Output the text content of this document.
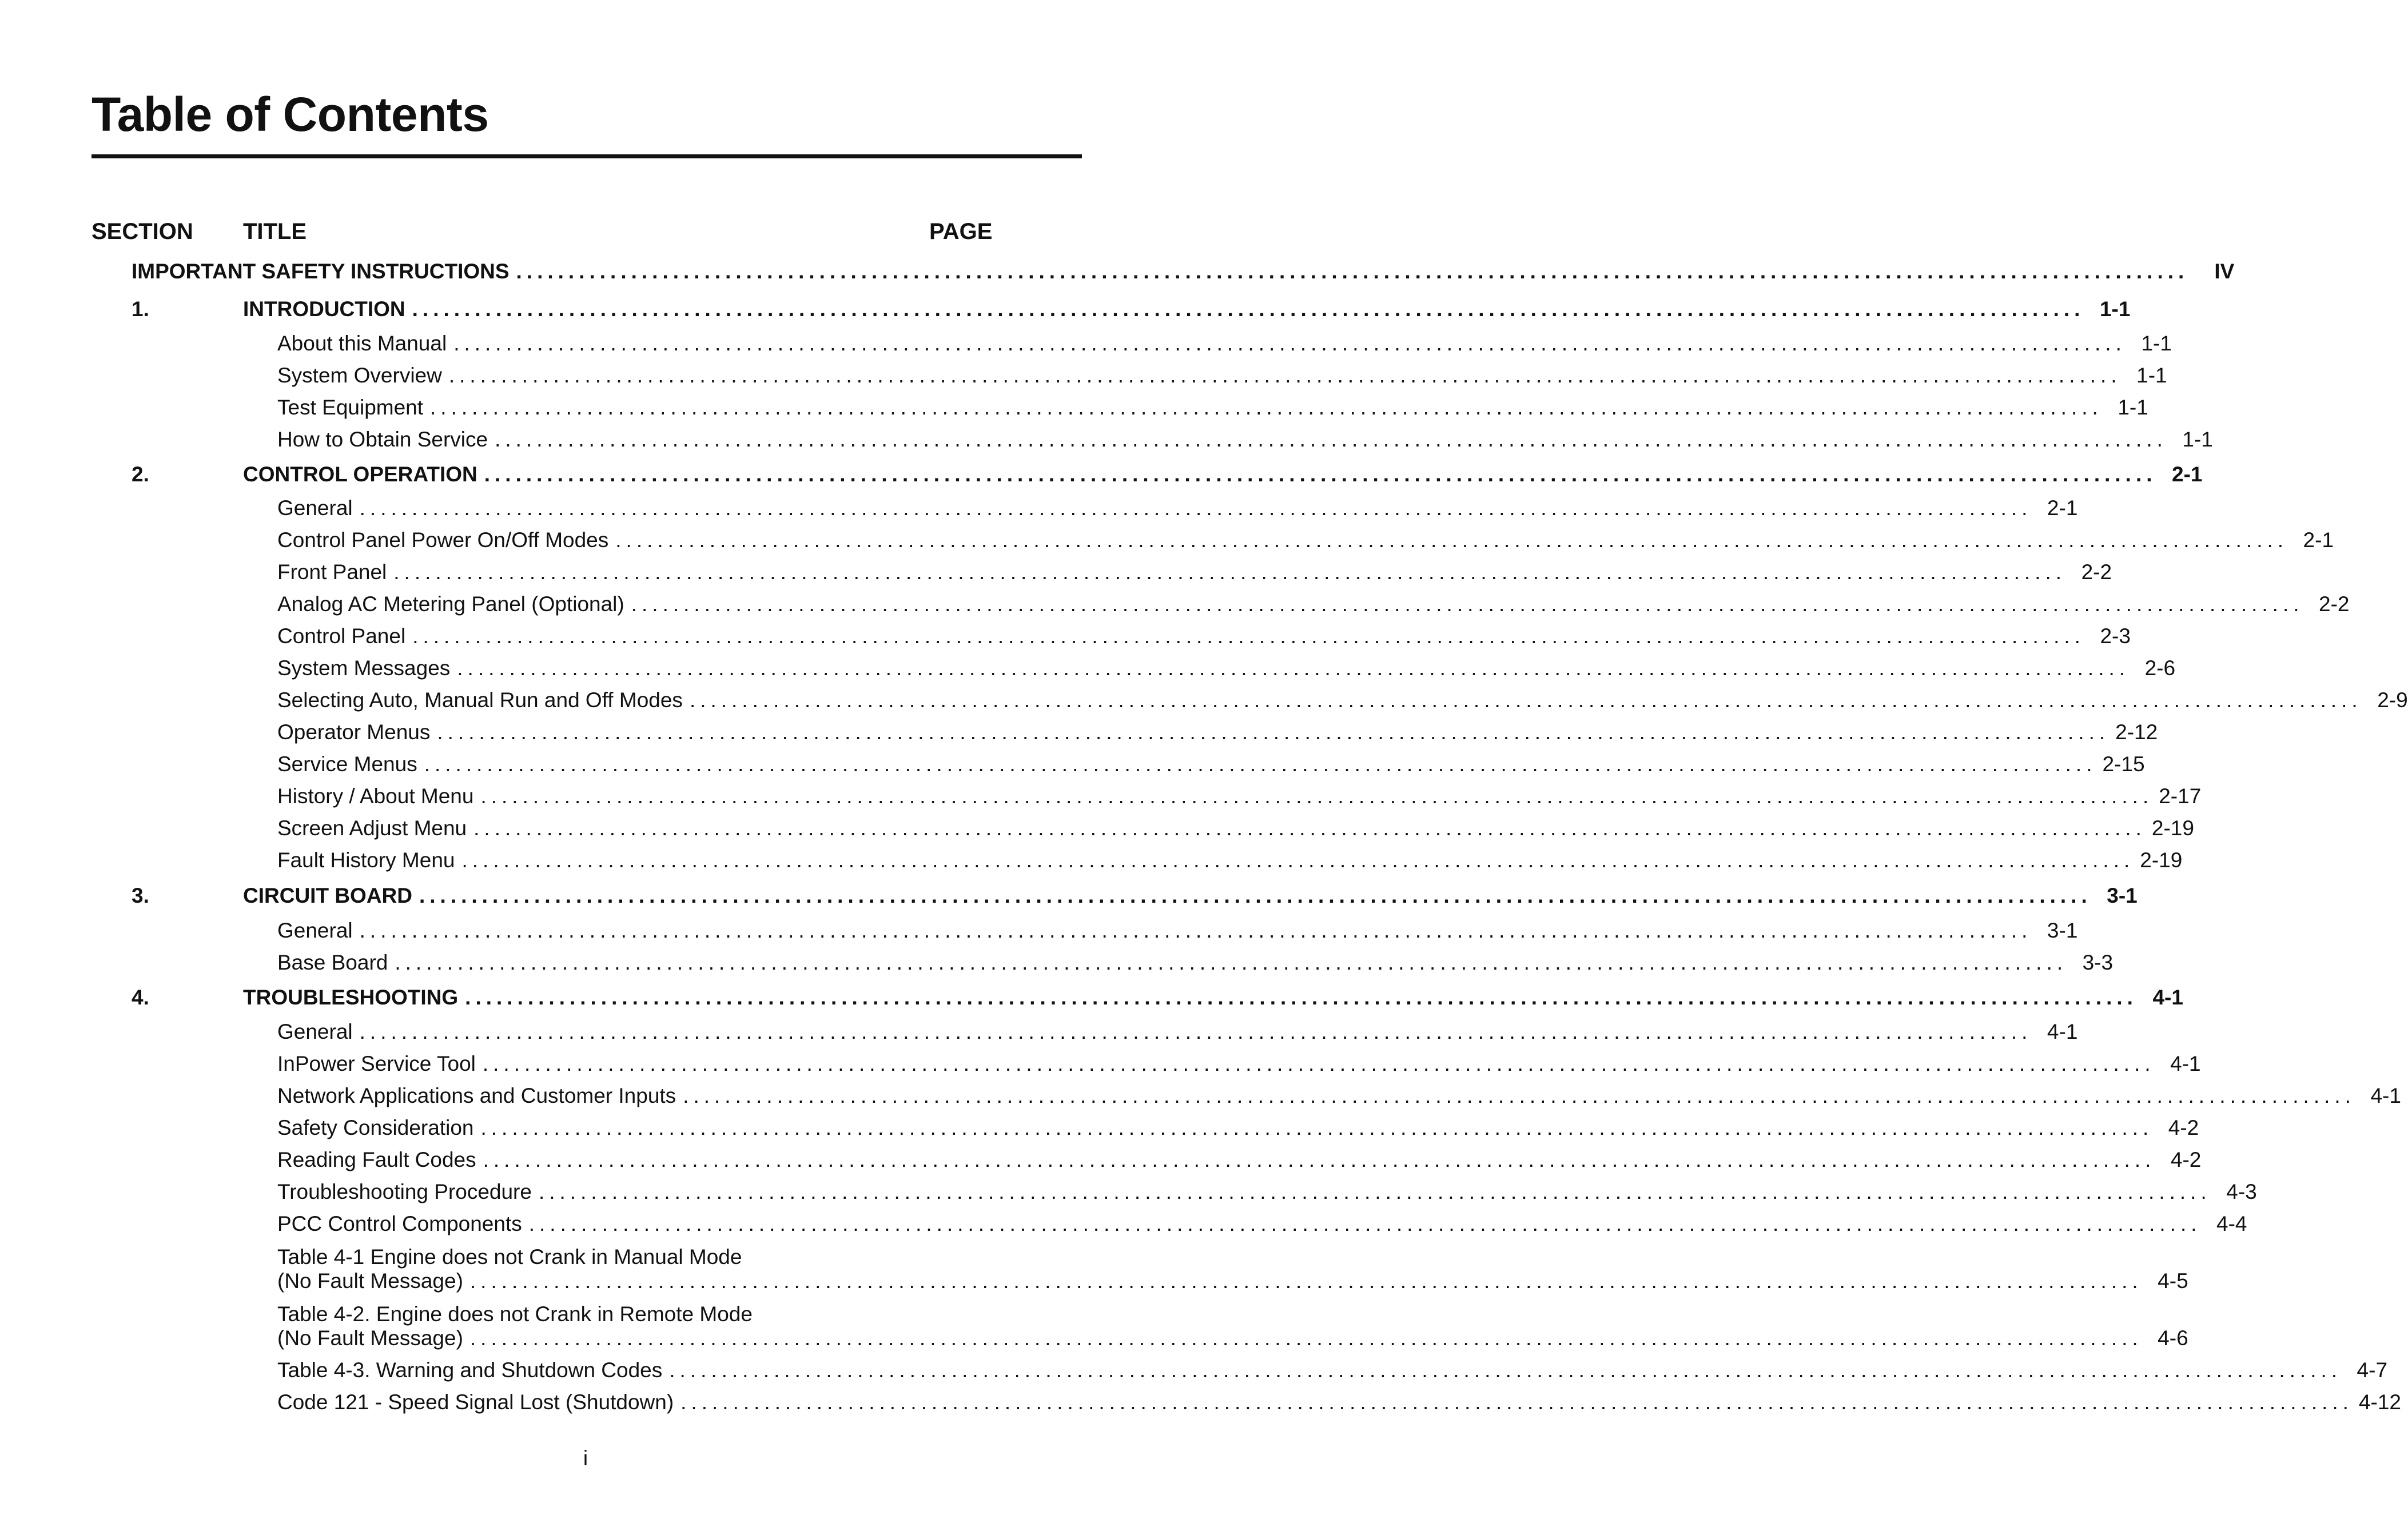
Table of Contents
SECTION TITLE	PAGE
IMPORTANT SAFETY INSTRUCTIONS ................................................................................................................................................................	IV
1.	INTRODUCTION ................................................................................................................................................................ 1-1
About this Manual ................................................................................................................................................................ 1-1
System Overview ................................................................................................................................................................ 1-1
Test Equipment ................................................................................................................................................................ 1-1
How to Obtain Service ................................................................................................................................................................ 1-1
2.	CONTROL OPERATION ................................................................................................................................................................ 2-1
General ................................................................................................................................................................ 2-1
Control Panel Power On/Off Modes ................................................................................................................................................................ 2-1
Front Panel ................................................................................................................................................................ 2-2
Analog AC Metering Panel (Optional) ................................................................................................................................................................ 2-2
Control Panel ................................................................................................................................................................ 2-3
System Messages ................................................................................................................................................................ 2-6
Selecting Auto, Manual Run and Off Modes ................................................................................................................................................................ 2-9
Operator Menus ................................................................................................................................................................ 2-12
Service Menus ................................................................................................................................................................ 2-15
History / About Menu ................................................................................................................................................................ 2-17
Screen Adjust Menu ................................................................................................................................................................ 2-19
Fault History Menu ................................................................................................................................................................ 2-19
3.	CIRCUIT BOARD ................................................................................................................................................................ 3-1
General ................................................................................................................................................................ 3-1
Base Board ................................................................................................................................................................ 3-3
4.	TROUBLESHOOTING ................................................................................................................................................................ 4-1
General ................................................................................................................................................................ 4-1
InPower Service Tool ................................................................................................................................................................ 4-1
Network Applications and Customer Inputs ................................................................................................................................................................ 4-1
Safety Consideration ................................................................................................................................................................ 4-2
Reading Fault Codes ................................................................................................................................................................ 4-2
Troubleshooting Procedure ................................................................................................................................................................ 4-3
PCC Control Components ................................................................................................................................................................ 4-4
Table 4-1 Engine does not Crank in Manual Mode
(No Fault Message) ................................................................................................................................................................ 4-5
Table 4-2. Engine does not Crank in Remote Mode
(No Fault Message) ................................................................................................................................................................ 4-6
Table 4-3. Warning and Shutdown Codes ................................................................................................................................................................ 4-7
Code 121 - Speed Signal Lost (Shutdown) ................................................................................................................................................................ 4-12
i
